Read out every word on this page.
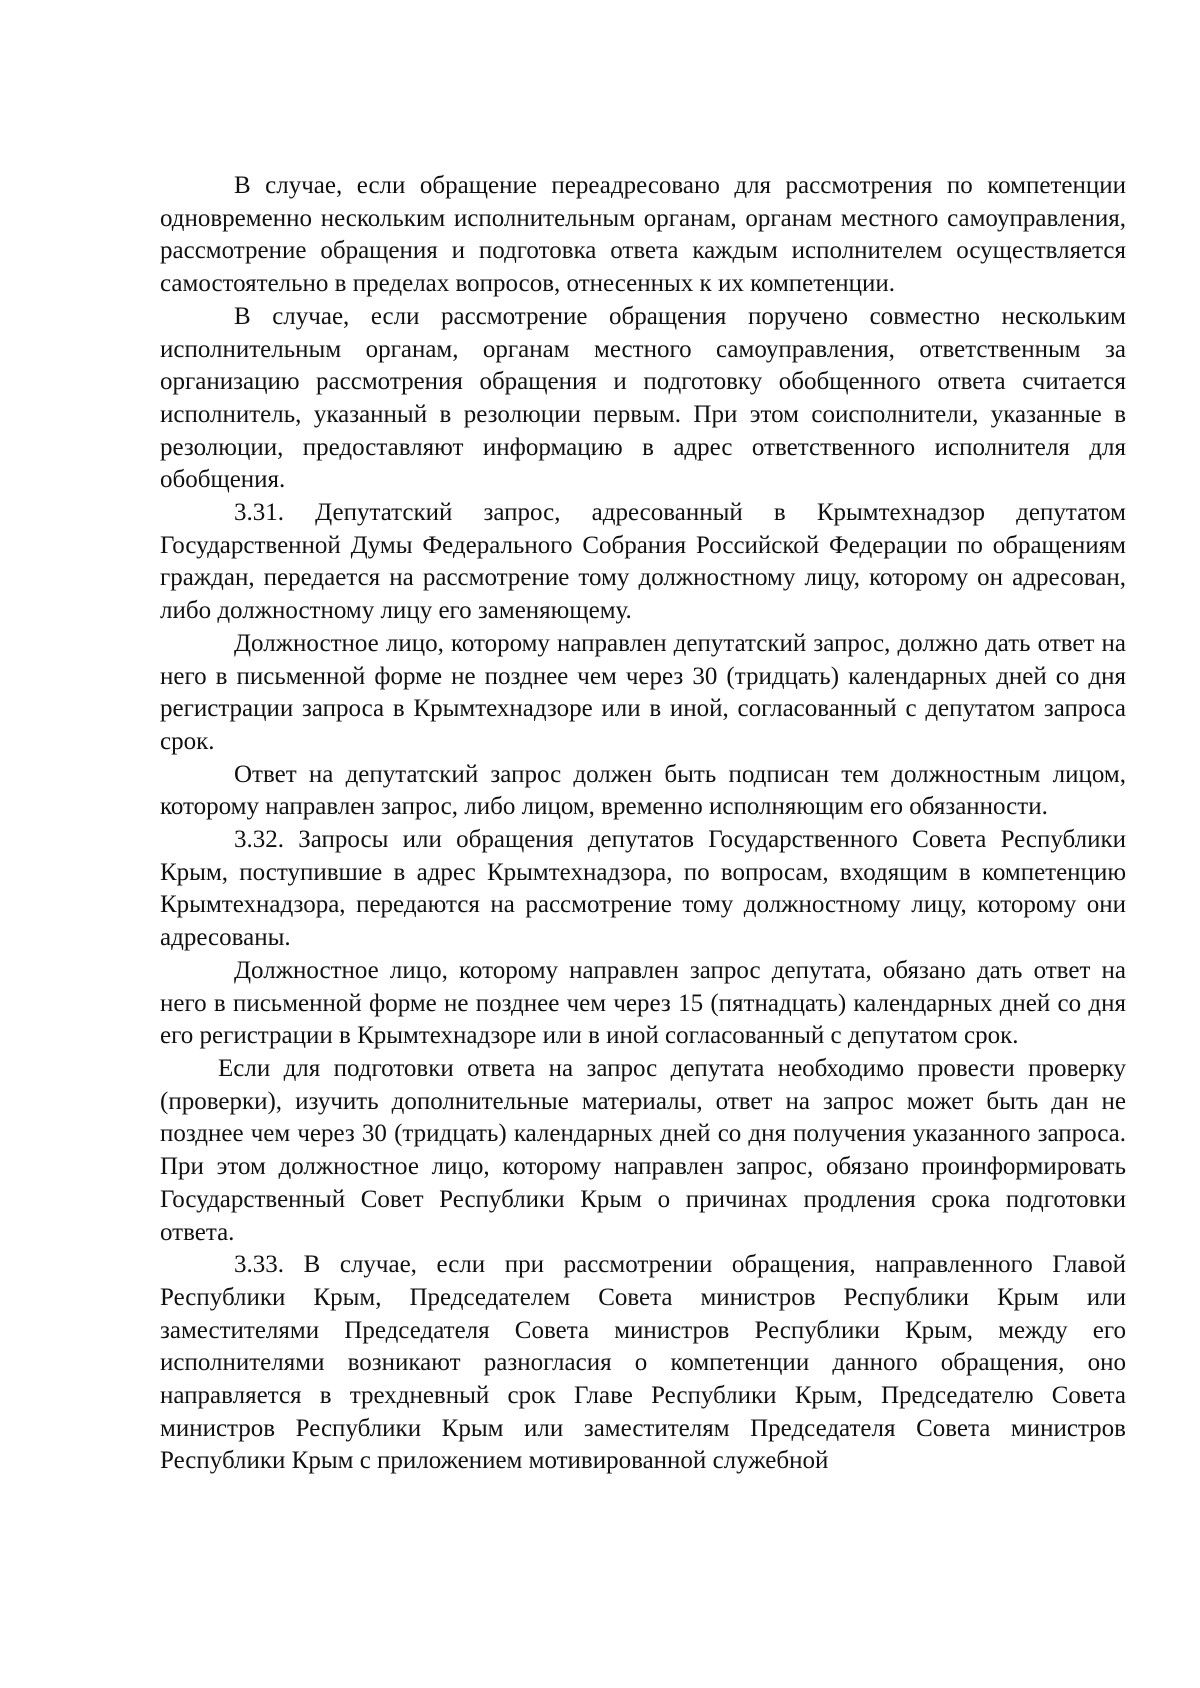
В случае, если обращение переадресовано для рассмотрения по компетенции одновременно нескольким исполнительным органам, органам местного самоуправления, рассмотрение обращения и подготовка ответа каждым исполнителем осуществляется самостоятельно в пределах вопросов, отнесенных к их компетенции.

В случае, если рассмотрение обращения поручено совместно нескольким исполнительным органам, органам местного самоуправления, ответственным за организацию рассмотрения обращения и подготовку обобщенного ответа считается исполнитель, указанный в резолюции первым. При этом соисполнители, указанные в резолюции, предоставляют информацию в адрес ответственного исполнителя для обобщения.

3.31. Депутатский запрос, адресованный в Крымтехнадзор депутатом Государственной Думы Федерального Собрания Российской Федерации по обращениям граждан, передается на рассмотрение тому должностному лицу, которому он адресован, либо должностному лицу его заменяющему.

Должностное лицо, которому направлен депутатский запрос, должно дать ответ на него в письменной форме не позднее чем через 30 (тридцать) календарных дней со дня регистрации запроса в Крымтехнадзоре или в иной, согласованный с депутатом запроса срок.

Ответ на депутатский запрос должен быть подписан тем должностным лицом, которому направлен запрос, либо лицом, временно исполняющим его обязанности.

3.32. Запросы или обращения депутатов Государственного Совета Республики Крым, поступившие в адрес Крымтехнадзора, по вопросам, входящим в компетенцию Крымтехнадзора, передаются на рассмотрение тому должностному лицу, которому они адресованы.

Должностное лицо, которому направлен запрос депутата, обязано дать ответ на него в письменной форме не позднее чем через 15 (пятнадцать) календарных дней со дня его регистрации в Крымтехнадзоре или в иной согласованный с депутатом срок.

Если для подготовки ответа на запрос депутата необходимо провести проверку (проверки), изучить дополнительные материалы, ответ на запрос может быть дан не позднее чем через 30 (тридцать) календарных дней со дня получения указанного запроса. При этом должностное лицо, которому направлен запрос, обязано проинформировать Государственный Совет Республики Крым о причинах продления срока подготовки ответа.

3.33. В случае, если при рассмотрении обращения, направленного Главой Республики Крым, Председателем Совета министров Республики Крым или заместителями Председателя Совета министров Республики Крым, между его исполнителями возникают разногласия о компетенции данного обращения, оно направляется в трехдневный срок Главе Республики Крым, Председателю Совета министров Республики Крым или заместителям Председателя Совета министров Республики Крым с приложением мотивированной служебной
